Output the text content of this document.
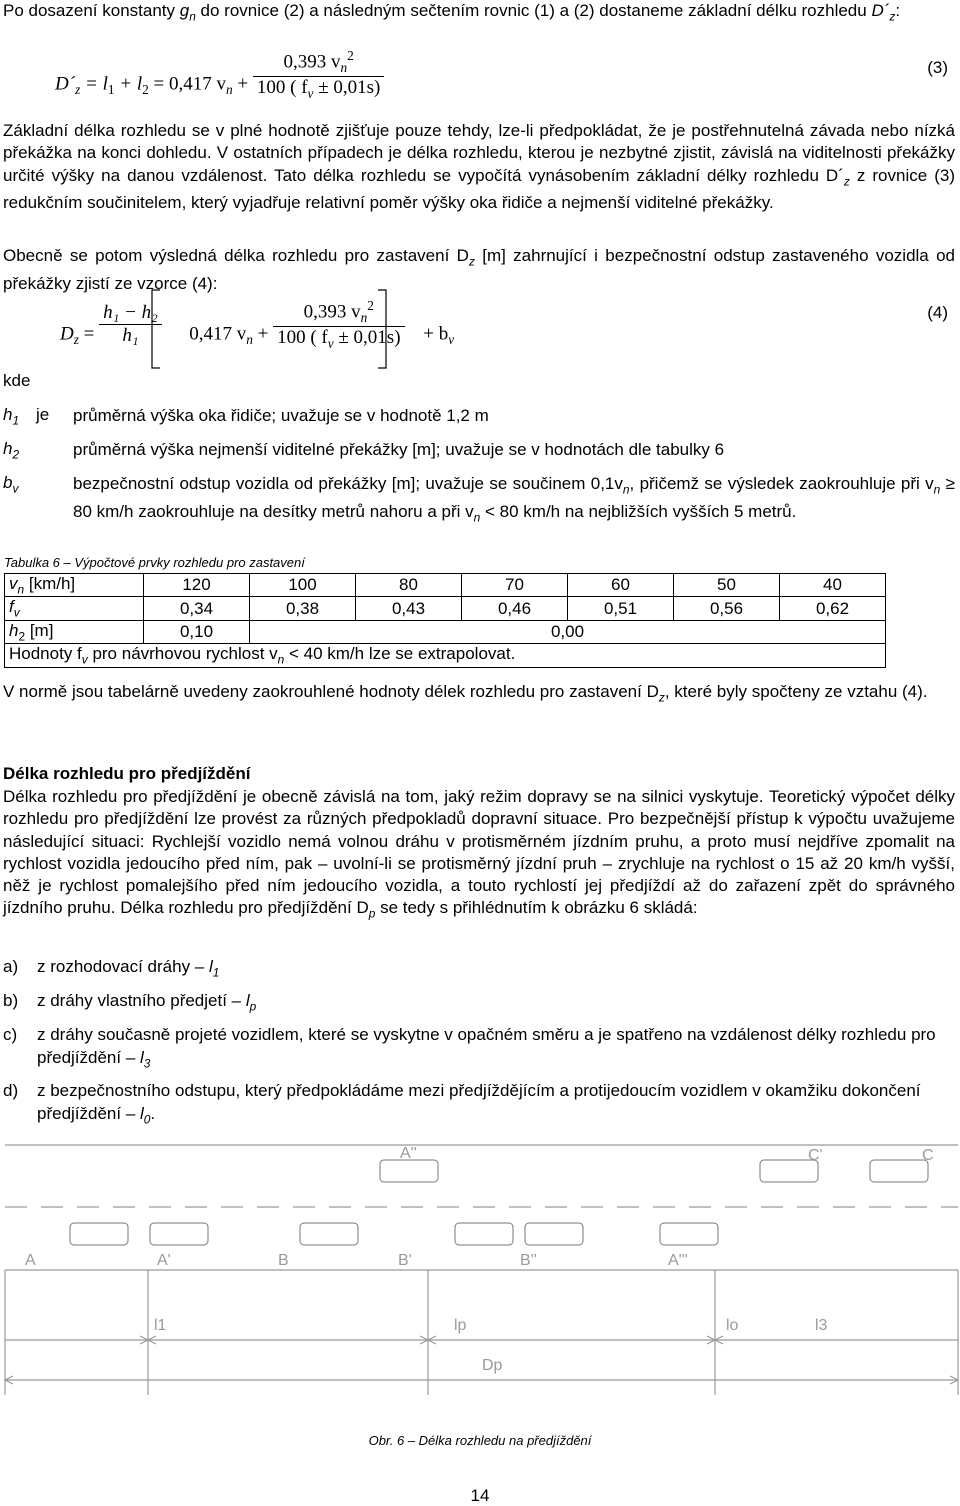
Po dosazení konstanty $g_n$ do rovnice (2) a následným sečtením rovnic (1) a (2) dostaneme základní délku rozhledu $D´_z$:

$D´_z = l_1 + l_2 = 0,417$ $v_n + \frac{0,393 v_n^2}{100 ( f_v \pm 0,01s)}$	(3)

Základní délka rozhledu se v plné hodnotě zjišťuje pouze tehdy, lze-li předpokládat, že je postřehnutelná závada nebo nízká překážka na konci dohledu. V ostatních případech je délka rozhledu, kterou je nezbytné zjistit, závislá na viditelnosti překážky určité výšky na danou vzdálenost. Tato délka rozhledu se vypočítá vynásobením základní délky rozhledu $D´_z$ z rovnice (3) redukčním součinitelem, který vyjadřuje relativní poměr výšky oka řidiče a nejmenší viditelné překážky.

Obecně se potom výsledná délka rozhledu pro zastavení $D_z$ [m] zahrnující i bezpečnostní odstup zastaveného vozidla od překážky zjistí ze vzorce (4):

$D_z = \frac{\text{h₁ − h₂}}{\text{h₁}} 0,417$ $v_n + \frac{0,393 v_n^2}{100 ( f_v \pm 0,01s)} + b_v$
(4)
kde
$h_1$ je průměrná výška oka řidiče; uvažuje se v hodnotě 1,2 m
$h_2$	průměrná výška nejmenší viditelné překážky [m]; uvažuje se v hodnotách dle tabulky 6
$b_v$	bezpečnostní odstup vozidla od překážky [m]; uvažuje se součinem $0,1v_n$, přičemž se výsledek zaokrouhluje při $v_n \ge 80$ km/h zaokrouhluje na desítky metrů nahoru a při $v_n < 80$ km/h na nejbližších vyšších 5 metrů.
Tabulka 6 – Výpočtové prvky rozhledu pro zastavení
$v_n$ [km/h]	120	100	80	70	60	50	40
$f_v$	0,34	0,38	0,43	0,46	0,51	0,56	0,62
$h_2$ [m]	0,10	0,00					
Hodnoty $f_v$ pro návrhovou rychlost $v_n < 40$ km/h lze se extrapolovat.							

V normě jsou tabelárně uvedeny zaokrouhlené hodnoty délek rozhledu pro zastavení $D_z$, které byly spočteny ze vztahu (4).

Délka rozhledu pro předjíždění

Délka rozhledu pro předjíždění je obecně závislá na tom, jaký režim dopravy se na silnici vyskytuje. Teoretický výpočet délky rozhledu pro předjíždění lze provést za různých předpokladů dopravní situace. Pro bezpečnější přístup k výpočtu uvažujeme následující situaci: Rychlejší vozidlo nemá volnou dráhu v protisměrném jízdním pruhu, a proto musí nejdříve zpomalit na rychlost vozidla jedoucího před ním, pak – uvolní-li se protisměrný jízdní pruh – zrychluje na rychlost o 15 až 20 km/h vyšší, něž je rychlost pomalejšího před ním jedoucího vozidla, a touto rychlostí jej předjíždí až do zařazení zpět do správného jízdního pruhu. Délka rozhledu pro předjíždění $D_p$ se tedy s přihlédnutím k obrázku 6 skládá:

a) z rozhodovací dráhy – $l_1$
b) z dráhy vlastního předjetí – $l_p$
c) z dráhy současně projeté vozidlem, které se vyskytne v opačném směru a je spatřeno na vzdálenost délky rozhledu pro předjíždění – $l_3$
d) z bezpečnostního odstupu, který předpokládáme mezi předjíždějícím a protijedoucím vozidlem v okamžiku dokončení předjíždění – $l_0$.
A''	C'	C
A	A'	B	B'	B''	A'''
l1	lp	lo	l3
Dp
Obr. 6 – Délka rozhledu na předjíždění
14
